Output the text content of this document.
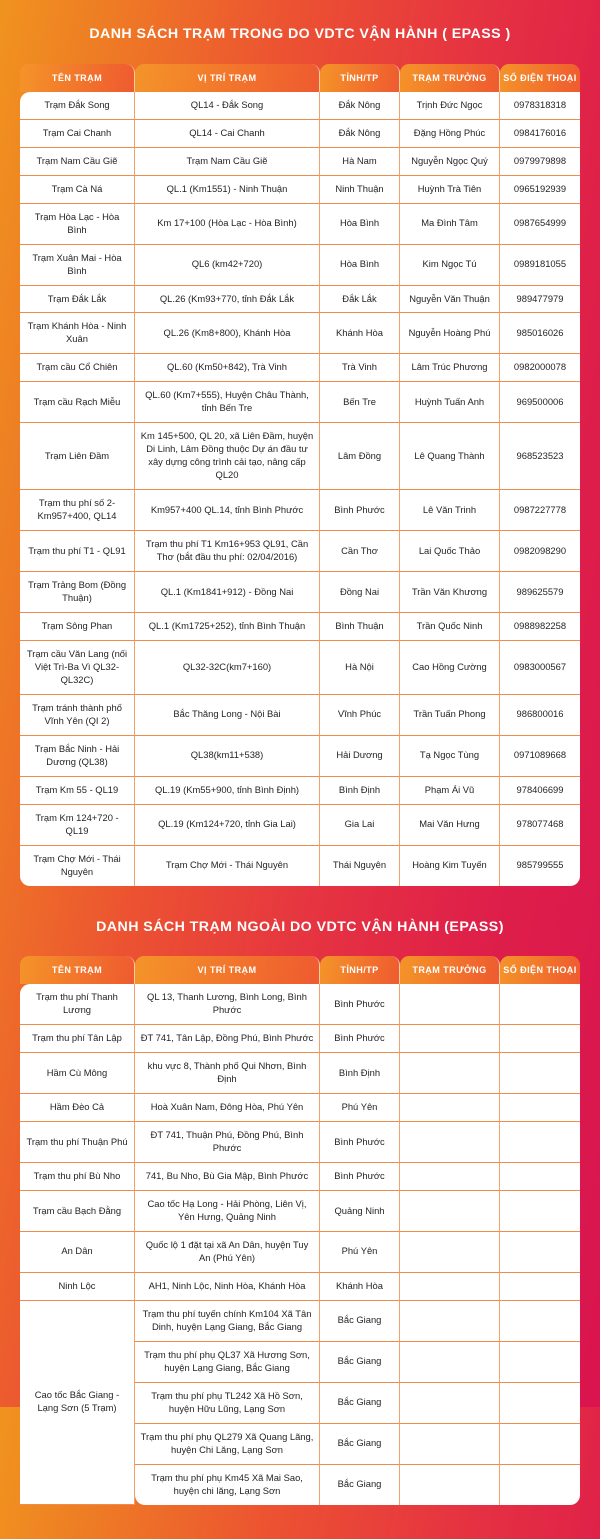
DANH SÁCH TRẠM TRONG DO VDTC VẬN HÀNH ( EPASS )
TÊN TRẠM	VỊ TRÍ TRẠM	TỈNH/TP	TRẠM TRƯỞNG	SỐ ĐIỆN THOẠI
Trạm Đắk Song	QL14 - Đắk Song	Đắk Nông	Trịnh Đức Ngọc	0978318318
Trạm Cai Chanh	QL14 - Cai Chanh	Đắk Nông	Đặng Hồng Phúc	0984176016
Trạm Nam Cầu Giẽ	Trạm Nam Cầu Giẽ	Hà Nam	Nguyễn Ngọc Quý	0979979898
Trạm Cà Ná	QL.1 (Km1551) - Ninh Thuận	Ninh Thuận	Huỳnh Trà Tiên	0965192939
Trạm Hòa Lạc - Hòa Bình	Km 17+100 (Hòa Lạc - Hòa Bình)	Hòa Bình	Ma Đình Tâm	0987654999
Trạm Xuân Mai - Hòa Bình	QL6 (km42+720)	Hòa Bình	Kim Ngọc Tú	0989181055
Trạm Đắk Lắk	QL.26 (Km93+770, tỉnh Đắk Lắk	Đắk Lắk	Nguyễn Văn Thuận	989477979
Trạm Khánh Hòa - Ninh Xuân	QL.26 (Km8+800), Khánh Hòa	Khánh Hòa	Nguyễn Hoàng Phú	985016026
Trạm cầu Cổ Chiên	QL.60 (Km50+842), Trà Vinh	Trà Vinh	Lâm Trúc Phương	0982000078
Trạm cầu Rạch Miễu	QL.60 (Km7+555), Huyện Châu Thành, tỉnh Bến Tre	Bến Tre	Huỳnh Tuấn Anh	969500006
Trạm Liên Đầm	Km 145+500, QL 20, xã Liên Đầm, huyện Di Linh, Lâm Đồng thuộc Dự án đầu tư xây dựng công trình cải tạo, nâng cấp QL20	Lâm Đồng	Lê Quang Thành	968523523
Trạm thu phí số 2-Km957+400, QL14	Km957+400 QL.14, tỉnh Bình Phước	Bình Phước	Lê Văn Trinh	0987227778
Trạm thu phí T1 - QL91	Trạm thu phí T1 Km16+953 QL91, Cần Thơ (bắt đầu thu phí: 02/04/2016)	Cần Thơ	Lai Quốc Thảo	0982098290
Trạm Trảng Bom (Đồng Thuận)	QL.1 (Km1841+912) - Đồng Nai	Đồng Nai	Trần Văn Khương	989625579
Trạm Sông Phan	QL.1 (Km1725+252), tỉnh Bình Thuận	Bình Thuận	Trần Quốc Ninh	0988982258
Trạm cầu Văn Lang (nối Việt Trì-Ba Vì QL32-QL32C)	QL32-32C(km7+160)	Hà Nội	Cao Hồng Cường	0983000567
Trạm tránh thành phố Vĩnh Yên (QI 2)	Bắc Thăng Long - Nội Bài	Vĩnh Phúc	Trần Tuấn Phong	986800016
Trạm Bắc Ninh - Hải Dương (QL38)	QL38(km11+538)	Hải Dương	Tạ Ngọc Tùng	0971089668
Trạm Km 55 - QL19	QL.19 (Km55+900, tỉnh Bình Định)	Bình Định	Phạm Ái Vũ	978406699
Trạm Km 124+720 - QL19	QL.19 (Km124+720, tỉnh Gia Lai)	Gia Lai	Mai Văn Hưng	978077468
Trạm Chợ Mới - Thái Nguyên	Trạm Chợ Mới - Thái Nguyên	Thái Nguyên	Hoàng Kim Tuyến	985799555
DANH SÁCH TRẠM NGOÀI DO VDTC VẬN HÀNH (EPASS)
TÊN TRẠM	VỊ TRÍ TRẠM	TỈNH/TP	TRẠM TRƯỞNG	SỐ ĐIỆN THOẠI
Trạm thu phí Thanh Lương	QL 13, Thanh Lương, Bình Long, Bình Phước	Bình Phước		
Trạm thu phí Tân Lập	ĐT 741, Tân Lập, Đồng Phú, Bình Phước	Bình Phước		
Hầm Cù Mông	khu vực 8, Thành phố Qui Nhơn, Bình Định	Bình Định		
Hầm Đèo Cả	Hoà Xuân Nam, Đông Hòa, Phú Yên	Phú Yên		
Trạm thu phí Thuận Phú	ĐT 741, Thuận Phú, Đồng Phú, Bình Phước	Bình Phước		
Trạm thu phí Bù Nho	741, Bu Nho, Bù Gia Mập, Bình Phước	Bình Phước		
Trạm cầu Bạch Đằng	Cao tốc Hạ Long - Hải Phòng, Liên Vị, Yên Hưng, Quảng Ninh	Quảng Ninh		
An Dân	Quốc lộ 1 đặt tại xã An Dân, huyện Tuy An (Phú Yên)	Phú Yên		
Ninh Lộc	AH1, Ninh Lộc, Ninh Hòa, Khánh Hòa	Khánh Hòa		
Cao tốc Bắc Giang - Lạng Sơn (5 Trạm)	Trạm thu phí tuyến chính Km104 Xã Tân Dinh, huyện Lạng Giang, Bắc Giang	Bắc Giang		
	Trạm thu phí phụ QL37 Xã Hương Sơn, huyện Lạng Giang, Bắc Giang	Bắc Giang		
	Trạm thu phí phụ TL242 Xã Hồ Sơn, huyện Hữu Lũng, Lạng Sơn	Bắc Giang		
	Trạm thu phí phụ QL279 Xã Quang Lãng, huyện Chi Lăng, Lạng Sơn	Bắc Giang		
	Trạm thu phí phụ Km45 Xã Mai Sao, huyện chi lăng, Lạng Sơn	Bắc Giang		
